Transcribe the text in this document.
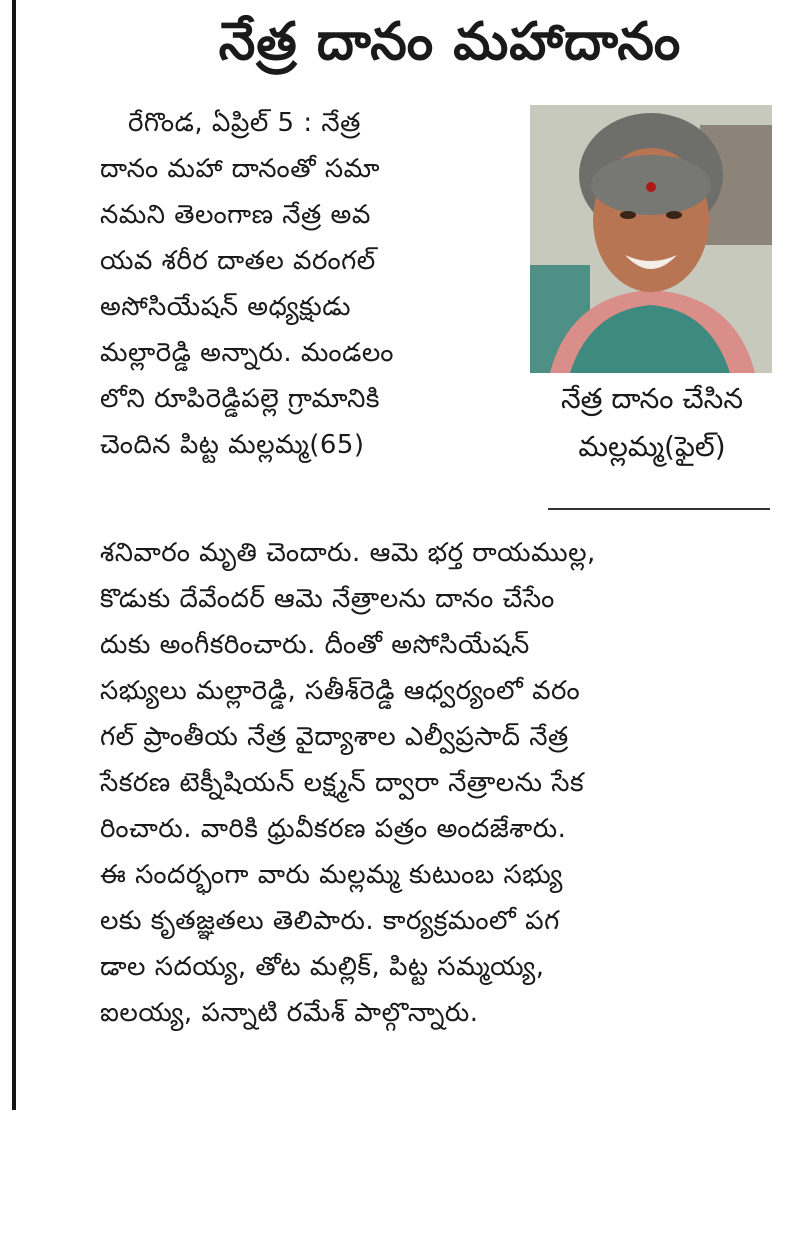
నేత్ర దానం మహాదానం
నేత్ర దానం చేసిన
మల్లమ్మ(ఫైల్)
రేగొండ, ఏప్రిల్ 5 : నేత్ర
దానం మహా దానంతో సమా
నమని తెలంగాణ నేత్ర అవ
యవ శరీర దాతల వరంగల్
అసోసియేషన్ అధ్యక్షుడు
మల్లారెడ్డి అన్నారు. మండలం
లోని రూపిరెడ్డిపల్లె గ్రామానికి
చెందిన పిట్ట మల్లమ్మ(65)
శనివారం మృతి చెందారు. ఆమె భర్త రాయముల్ల,
కొడుకు దేవేందర్ ఆమె నేత్రాలను దానం చేసేం
దుకు అంగీకరించారు. దీంతో అసోసియేషన్
సభ్యులు మల్లారెడ్డి, సతీశ్‌రెడ్డి ఆధ్వర్యంలో వరం
గల్ ప్రాంతీయ నేత్ర వైద్యాశాల ఎల్వీప్రసాద్ నేత్ర
సేకరణ టెక్నీషియన్ లక్ష్మన్ ద్వారా నేత్రాలను సేక
రించారు. వారికి ధ్రువీకరణ పత్రం అందజేశారు.
ఈ సందర్భంగా వారు మల్లమ్మ కుటుంబ సభ్యు
లకు కృతజ్ఞతలు తెలిపారు. కార్యక్రమంలో పగ
డాల సదయ్య, తోట మల్లిక్, పిట్ట సమ్మయ్య,
ఐలయ్య, పన్నాటి రమేశ్ పాల్గొన్నారు.
